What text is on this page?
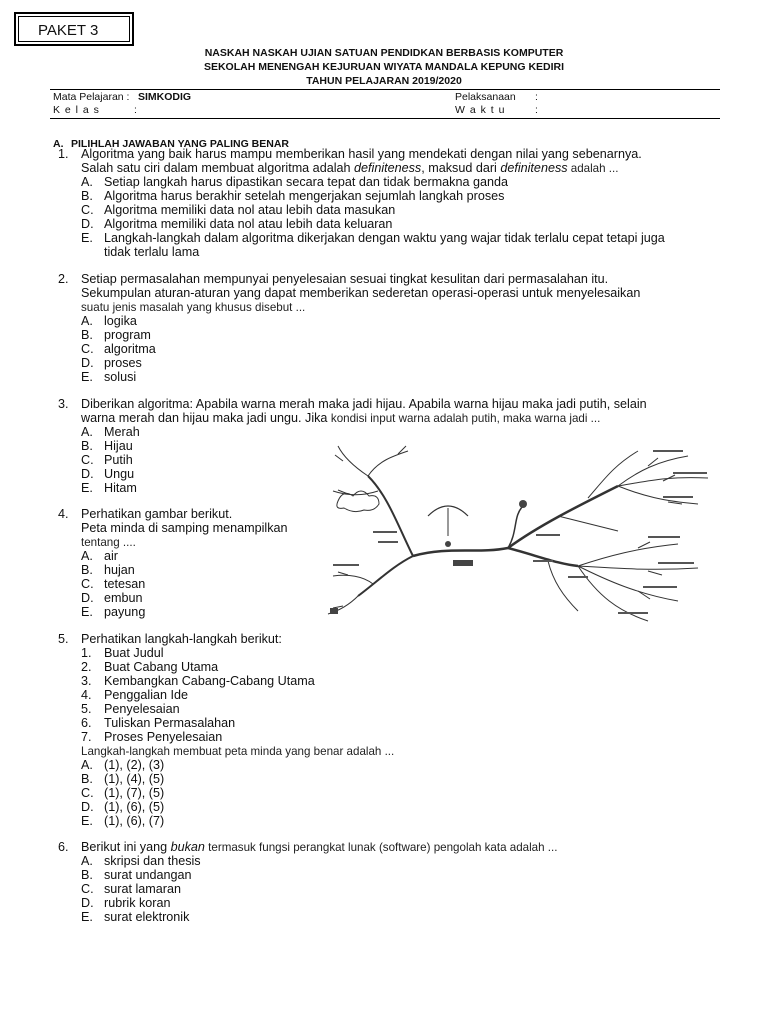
PAKET 3
NASKAH NASKAH UJIAN SATUAN PENDIDKAN BERBASIS KOMPUTER
SEKOLAH MENENGAH KEJURUAN WIYATA MANDALA KEPUNG KEDIRI
TAHUN PELAJARAN 2019/2020
Mata Pelajaran : SIMKODIG	Pelaksanaan :
K e l a s	:	W a k t u	:
A. PILIHLAH JAWABAN YANG PALING BENAR
1. Algoritma yang baik harus mampu memberikan hasil yang mendekati dengan nilai yang sebenarnya.
Salah satu ciri dalam membuat algoritma adalah definiteness, maksud dari definiteness adalah ...
A. Setiap langkah harus dipastikan secara tepat dan tidak bermakna ganda
B. Algoritma harus berakhir setelah mengerjakan sejumlah langkah proses
C. Algoritma memiliki data nol atau lebih data masukan
D. Algoritma memiliki data nol atau lebih data keluaran
E. Langkah-langkah dalam algoritma dikerjakan dengan waktu yang wajar tidak terlalu cepat tetapi juga
tidak terlalu lama
2. Setiap permasalahan mempunyai penyelesaian sesuai tingkat kesulitan dari permasalahan itu.
Sekumpulan aturan-aturan yang dapat memberikan sederetan operasi-operasi untuk menyelesaikan
suatu jenis masalah yang khusus disebut ...
A. logika
B. program
C. algoritma
D. proses
E. solusi
3. Diberikan algoritma: Apabila warna merah maka jadi hijau. Apabila warna hijau maka jadi putih, selain
warna merah dan hijau maka jadi ungu. Jika kondisi input warna adalah putih, maka warna jadi ...
A. Merah
B. Hijau
C. Putih
D. Ungu
E. Hitam
4. Perhatikan gambar berikut.
Peta minda di samping menampilkan
tentang ....
A. air
B. hujan
C. tetesan
D. embun
E. payung
5. Perhatikan langkah-langkah berikut:
1. Buat Judul
2. Buat Cabang Utama
3. Kembangkan Cabang-Cabang Utama
4. Penggalian Ide
5. Penyelesaian
6. Tuliskan Permasalahan
7. Proses Penyelesaian
Langkah-langkah membuat peta minda yang benar adalah ...
A. (1), (2), (3)
B. (1), (4), (5)
C. (1), (7), (5)
D. (1), (6), (5)
E. (1), (6), (7)
6. Berikut ini yang bukan termasuk fungsi perangkat lunak (software) pengolah kata adalah ...
A. skripsi dan thesis
B. surat undangan
C. surat lamaran
D. rubrik koran
E. surat elektronik
